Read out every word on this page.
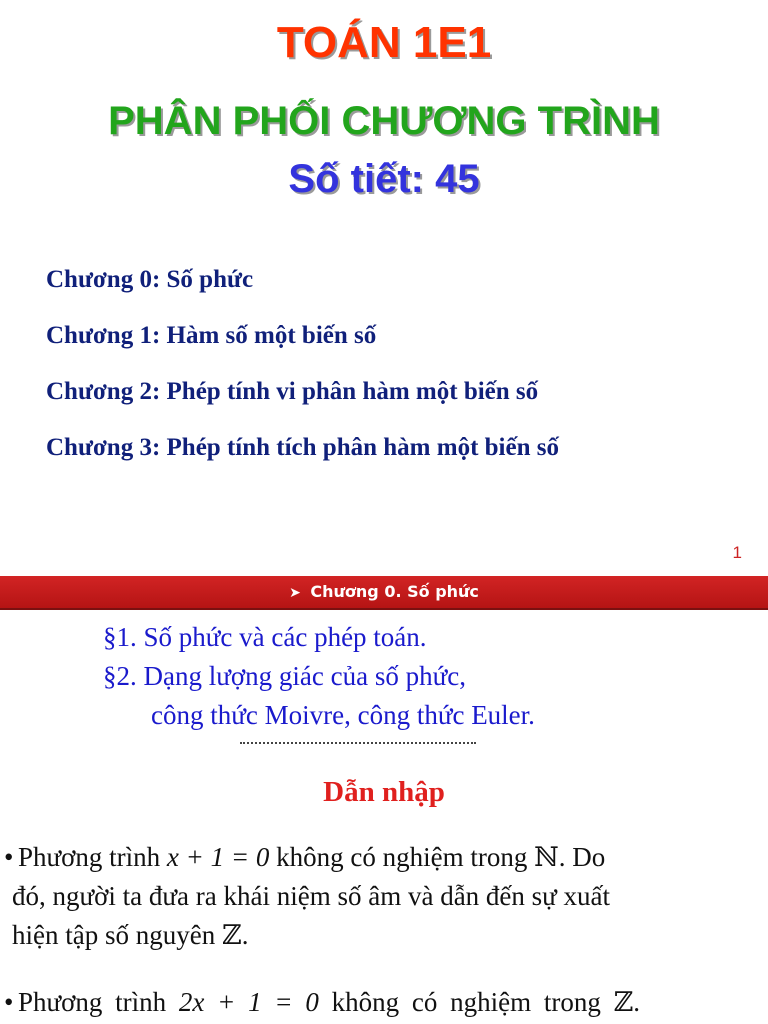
TOÁN 1E1
PHÂN PHỐI CHƯƠNG TRÌNH
Số tiết: 45
Chương 0: Số phức
Chương 1: Hàm số một biến số
Chương 2: Phép tính vi phân hàm một biến số
Chương 3: Phép tính tích phân hàm một biến số
1
➤ Chương 0. Số phức
§1. Số phức và các phép toán.
§2. Dạng lượng giác của số phức,
công thức Moivre, công thức Euler.
Dẫn nhập
• Phương trình x + 1 = 0 không có nghiệm trong ℕ. Do
đó, người ta đưa ra khái niệm số âm và dẫn đến sự xuất
hiện tập số nguyên ℤ.
• Phương trình 2x + 1 = 0 không có nghiệm trong ℤ.
